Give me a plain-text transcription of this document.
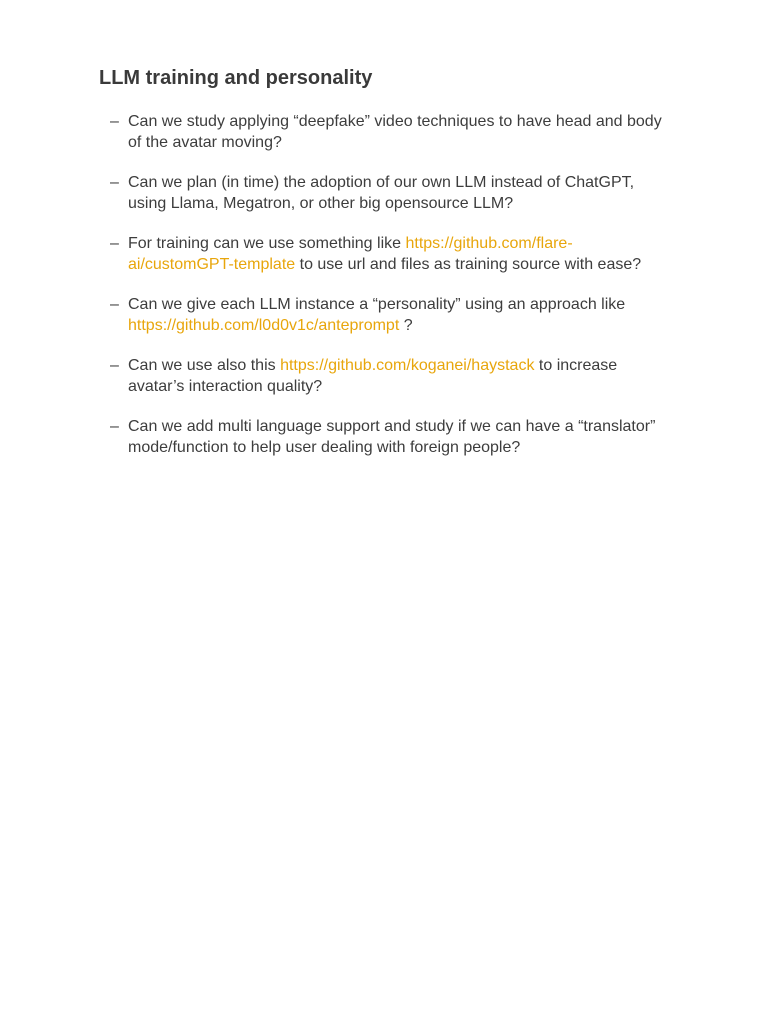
LLM training and personality
– Can we study applying “deepfake” video techniques to have head and body of the avatar moving?
– Can we plan (in time) the adoption of our own LLM instead of ChatGPT, using Llama, Megatron, or other big opensource LLM?
– For training can we use something like https://github.com/flare-ai/customGPT-template to use url and files as training source with ease?
– Can we give each LLM instance a “personality” using an approach like https://github.com/l0d0v1c/anteprompt ?
– Can we use also this https://github.com/koganei/haystack to increase avatar’s interaction quality?
– Can we add multi language support and study if we can have a “translator” mode/function to help user dealing with foreign people?
